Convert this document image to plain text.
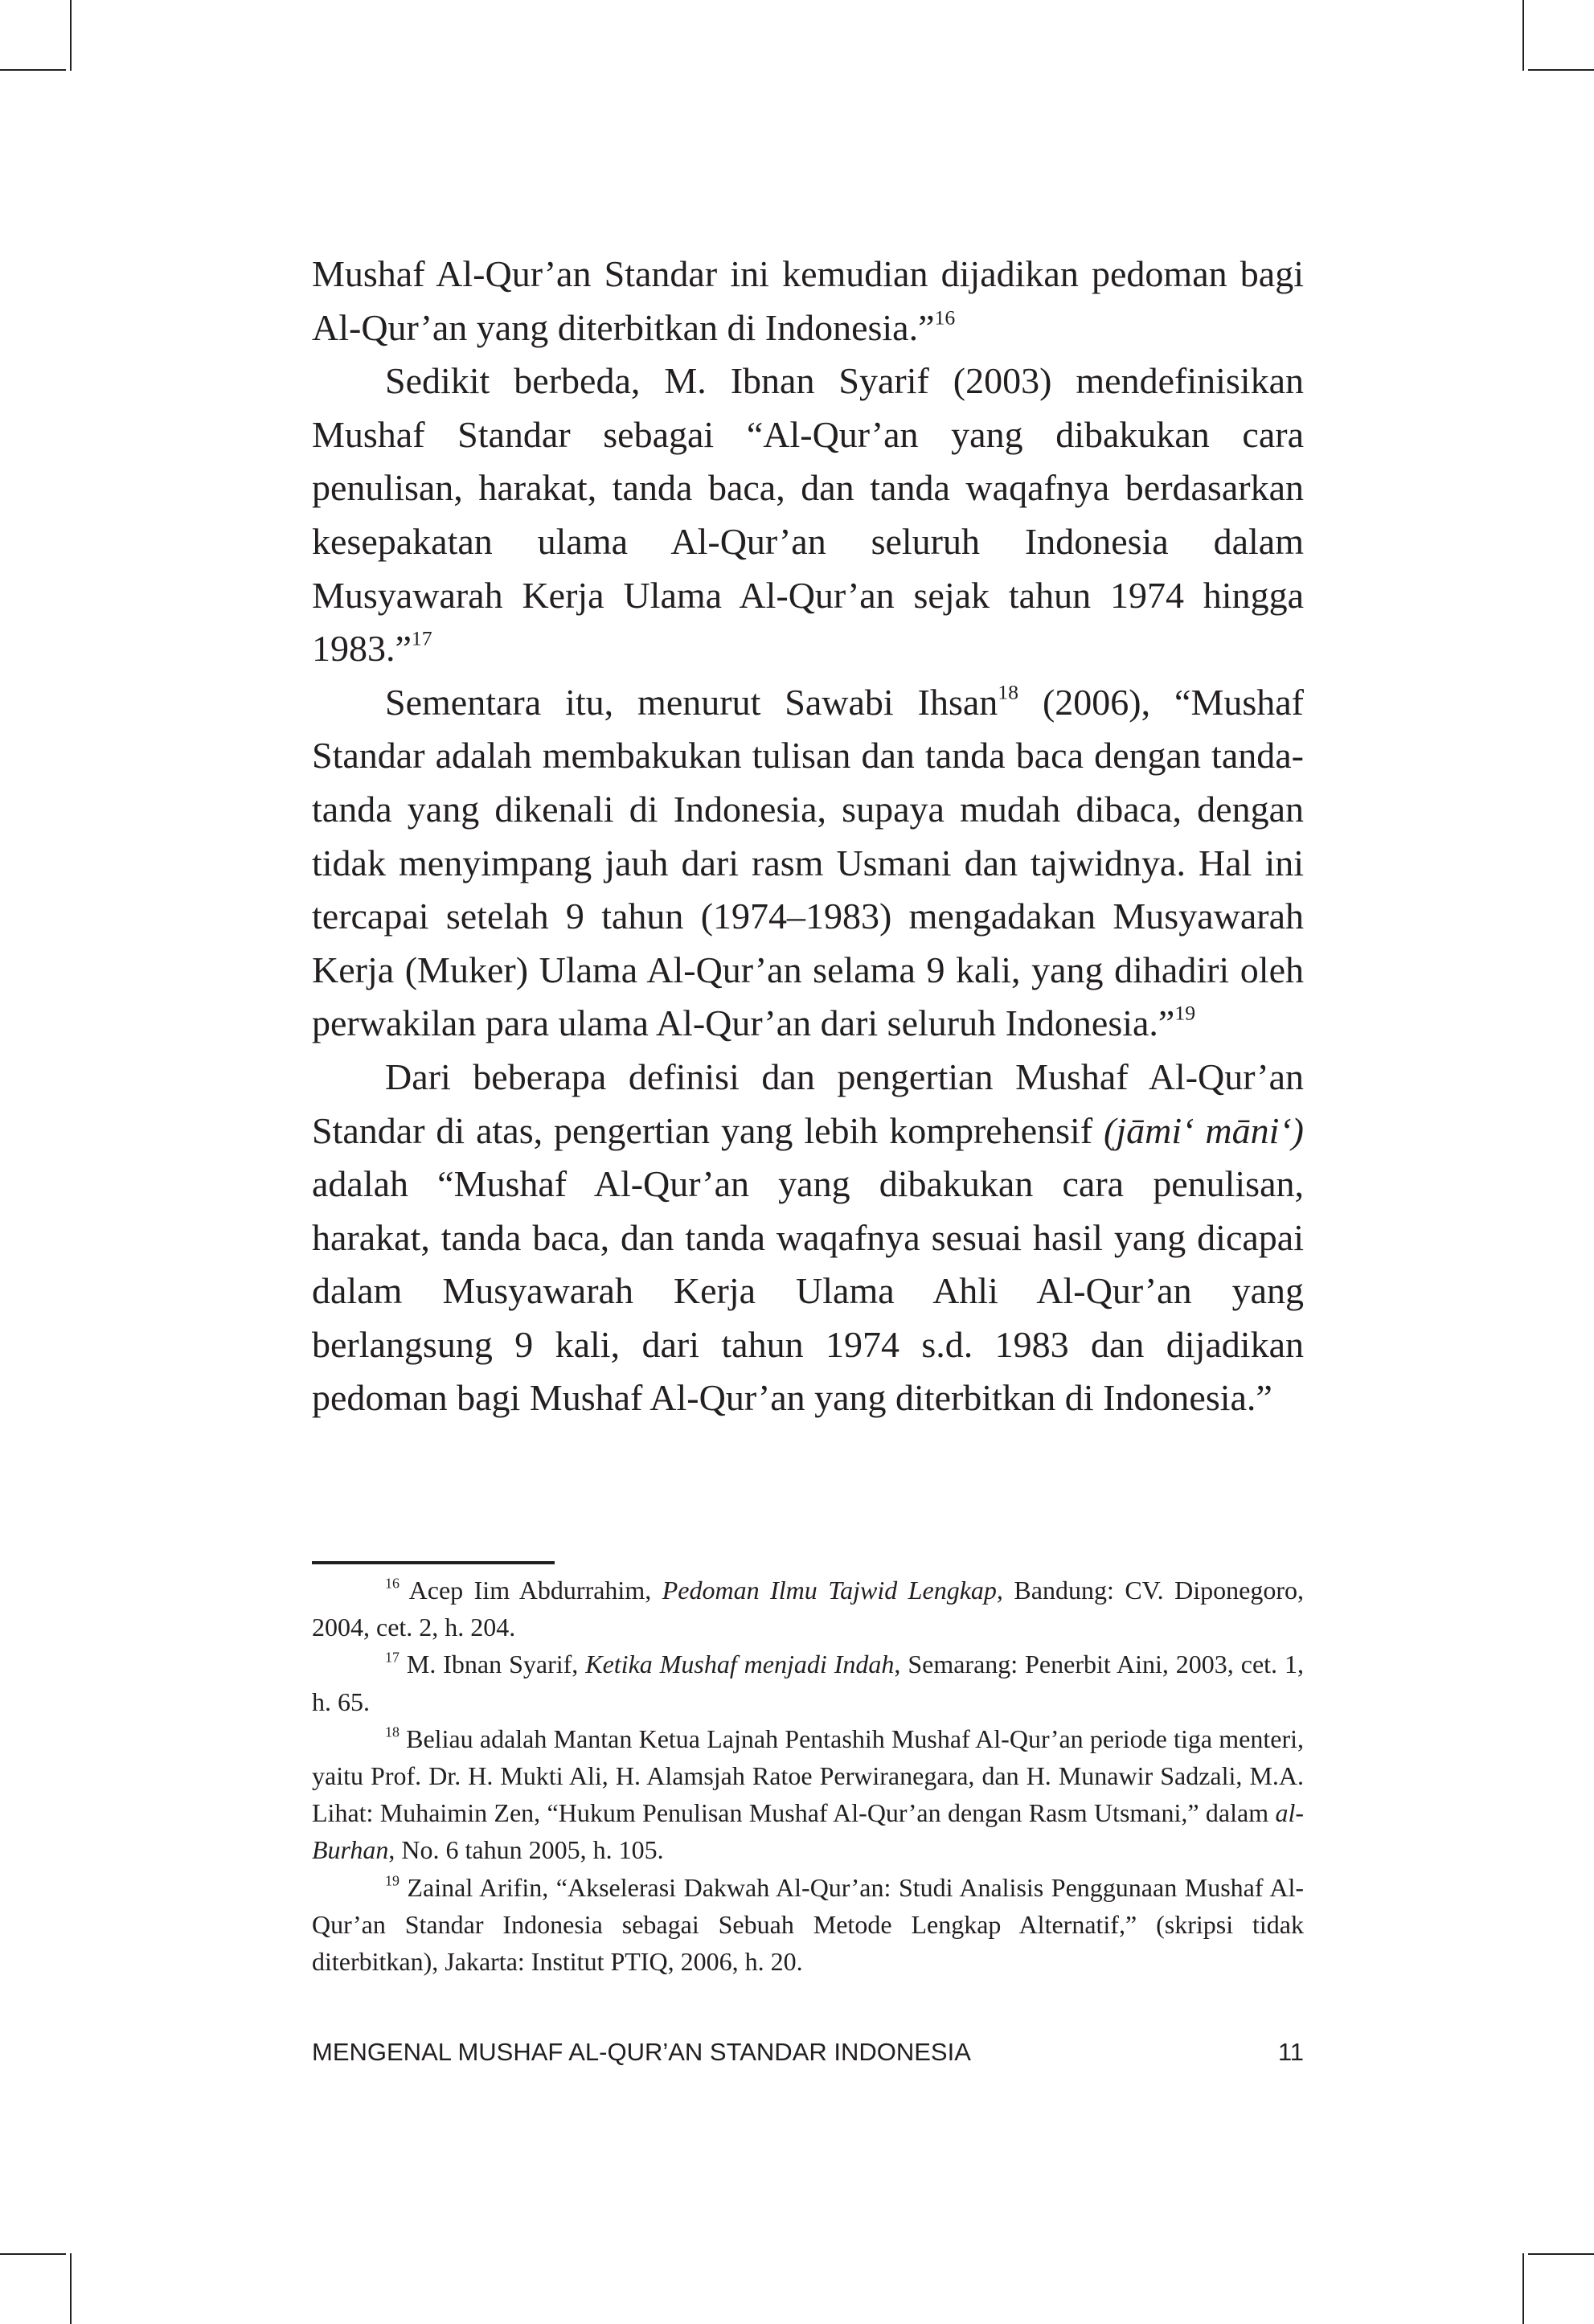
Mushaf Al-Qur’an Standar ini kemudian dijadikan pedoman bagi Al-Qur’an yang diterbitkan di Indonesia.”$^{16}$

Sedikit berbeda, M. Ibnan Syarif (2003) mendefinisikan Mushaf Standar sebagai “Al-Qur’an yang dibakukan cara penulisan, harakat, tanda baca, dan tanda waqafnya berdasarkan kesepakatan ulama Al-Qur’an seluruh Indonesia dalam Musyawarah Kerja Ulama Al-Qur’an sejak tahun 1974 hingga 1983.”$^{17}$

Sementara itu, menurut Sawabi Ihsan$^{18}$ (2006), “Mushaf Standar adalah membakukan tulisan dan tanda baca dengan tanda-tanda yang dikenali di Indonesia, supaya mudah dibaca, dengan tidak menyimpang jauh dari rasm Usmani dan tajwidnya. Hal ini tercapai setelah 9 tahun (1974–1983) mengadakan Musyawarah Kerja (Muker) Ulama Al-Qur’an selama 9 kali, yang dihadiri oleh perwakilan para ulama Al-Qur’an dari seluruh Indonesia.”$^{19}$

Dari beberapa definisi dan pengertian Mushaf Al-Qur’an Standar di atas, pengertian yang lebih komprehensif (jāmi‘ māni‘) adalah “Mushaf Al-Qur’an yang dibakukan cara penulisan, harakat, tanda baca, dan tanda waqafnya sesuai hasil yang dicapai dalam Musyawarah Kerja Ulama Ahli Al-Qur’an yang berlangsung 9 kali, dari tahun 1974 s.d. 1983 dan dijadikan pedoman bagi Mushaf Al-Qur’an yang diterbitkan di Indonesia.”

$^{16}$ Acep Iim Abdurrahim, Pedoman Ilmu Tajwid Lengkap, Bandung: CV. Diponegoro, 2004, cet. 2, h. 204.

$^{17}$ M. Ibnan Syarif, Ketika Mushaf menjadi Indah, Semarang: Penerbit Aini, 2003, cet. 1, h. 65.

$^{18}$ Beliau adalah Mantan Ketua Lajnah Pentashih Mushaf Al-Qur’an periode tiga menteri, yaitu Prof. Dr. H. Mukti Ali, H. Alamsjah Ratoe Perwiranegara, dan H. Munawir Sadzali, M.A. Lihat: Muhaimin Zen, “Hukum Penulisan Mushaf Al-Qur’an dengan Rasm Utsmani,” dalam al-Burhan, No. 6 tahun 2005, h. 105.

$^{19}$ Zainal Arifin, “Akselerasi Dakwah Al-Qur’an: Studi Analisis Penggunaan Mushaf Al-Qur’an Standar Indonesia sebagai Sebuah Metode Lengkap Alternatif,” (skripsi tidak diterbitkan), Jakarta: Institut PTIQ, 2006, h. 20.

MENGENAL MUSHAF AL-QUR’AN STANDAR INDONESIA	11
